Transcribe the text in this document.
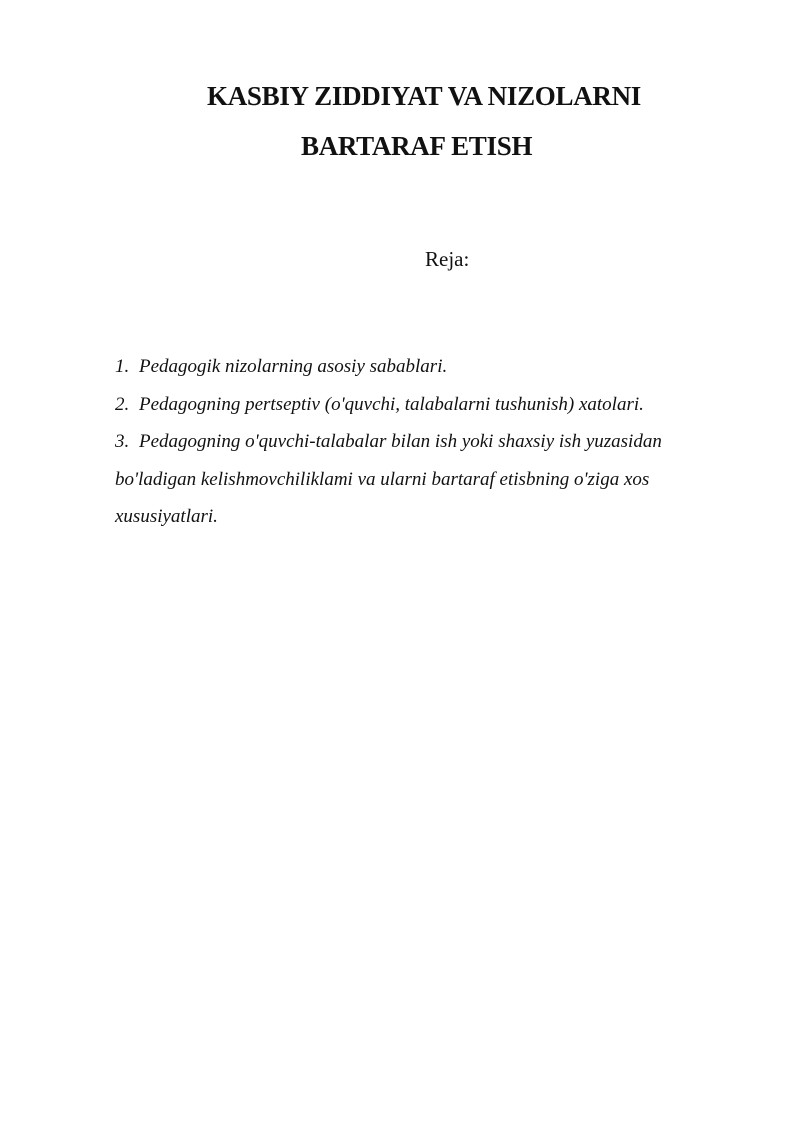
KASBIY ZIDDIYAT VA NIZOLARNI
BARTARAF ETISH
Reja:
1. Pedagogik nizolarning asosiy sabablari.
2. Pedagogning pertseptiv (o'quvchi, talabalarni tushunish) xatolari.
3. Pedagogning o'quvchi-talabalar bilan ish yoki shaxsiy ish yuzasidan bo'ladigan kelishmovchiliklami va ularni bartaraf etisbning o'ziga xos xususiyatlari.
